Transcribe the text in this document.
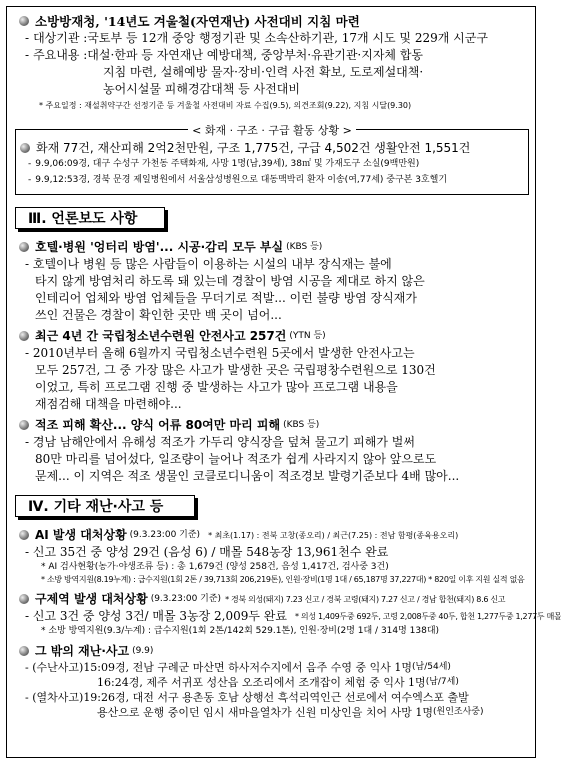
소방방재청, '14년도 겨울철(자연재난) 사전대비 지침 마련
- 대상기관 : 국토부 등 12개 중앙 행정기관 및 소속산하기관, 17개 시도 및 229개 시군구
- 주요내용 : 대설·한파 등 자연재난 예방대책, 중앙부처·유관기관·지자체 합동
지침 마련, 설해예방 물자·장비·인력 사전 확보, 도로제설대책·
농어시설물 피해경감대책 등 사전대비
* 주요일정 : 재설취약구간 선정기준 등 겨울철 사전대비 자료 수집(9.5), 의견조회(9.22), 지침 시달(9.30)
< 화재 · 구조 · 구급 활동 상황 >
화재 77건, 재산피해 2억2천만원, 구조 1,775건, 구급 4,502건 생활안전 1,551건
- 9.9,06:09경, 대구 수성구 가천동 주택화재, 사망 1명(남,39세), 38㎡ 및 가재도구 소실(9백만원)
- 9.9,12:53경, 경북 문경 제일병원에서 서울삼성병원으로 대동맥박리 환자 이송(여,77세) 중구본 3호헬기
Ⅲ. 언론보도 사항
호텔·병원 '엉터리 방염'... 시공·감리 모두 부실 (KBS 등)
- 호텔이나 병원 등 많은 사람들이 이용하는 시설의 내부 장식재는 불에
타지 않게 방염처리 하도록 돼 있는데 경찰이 방염 시공을 제대로 하지 않은
인테리어 업체와 방염 업체들을 무더기로 적발... 이런 불량 방염 장식재가
쓰인 건물은 경찰이 확인한 곳만 백 곳이 넘어...
최근 4년 간 국립청소년수련원 안전사고 257건 (YTN 등)
- 2010년부터 올해 6월까지 국립청소년수련원 5곳에서 발생한 안전사고는
모두 257건, 그 중 가장 많은 사고가 발생한 곳은 국립평창수련원으로 130건
이었고, 특히 프로그램 진행 중 발생하는 사고가 많아 프로그램 내용을
재점검해 대책을 마련해야...
적조 피해 확산... 양식 어류 80여만 마리 피해 (KBS 등)
- 경남 남해안에서 유해성 적조가 가두리 양식장을 덮쳐 물고기 피해가 벌써
80만 마리를 넘어섰다, 일조량이 늘어나 적조가 쉽게 사라지지 않아 앞으로도
문제... 이 지역은 적조 생물인 코클로디니움이 적조경보 발령기준보다 4배 많아...
Ⅳ. 기타 재난·사고 등
AI 발생 대처상황 (9.3.23:00 기준) * 최초(1.17) : 전북 고창(종오리) / 최근(7.25) : 전남 함평(종육용오리)
- 신고 35건 중 양성 29건 (음성 6) / 매몰 548농장 13,961천수 완료
* AI 검사현황(농가·야생조류 등) : 총 1,679건 (양성 258건, 음성 1,417건, 검사중 3건)
* 소방 방역지원(8.19누계) : 급수지원(1회 2톤 / 39,713회 206,219톤), 인원·장비(1명 1대 / 65,187명 37,227대) * 820일 이후 지원 실적 없음
구제역 발생 대처상황 (9.3.23:00 기준) * 경북 의성(돼지) 7.23 신고 / 경북 고령(돼지) 7.27 신고 / 경남 합천(돼지) 8.6 신고
- 신고 3건 중 양성 3건/ 매몰 3농장 2,009두 완료 * 의성 1,409두중 692두, 고령 2,008두중 40두, 합천 1,277두중 1,277두 매몰
* 소방 방역지원(9.3/누계) : 급수지원(1회 2톤/142회 529.1톤), 인원·장비(2명 1대 / 314명 138대)
그 밖의 재난·사고 (9.9)
- (수난사고) 15:09경, 전남 구례군 마산면 하사저수지에서 음주 수영 중 익사 1명 (남/54세)
16:24경, 제주 서귀포 성산읍 오조리에서 조개잡이 체험 중 익사 1명 (남/7세)
- (열차사고) 19:26경, 대전 서구 용촌동 호남 상행선 흑석리역인근 선로에서 여수엑스포 출발
용산으로 운행 중이던 임시 새마을열차가 신원 미상인을 치어 사망 1명 (원인조사중)
